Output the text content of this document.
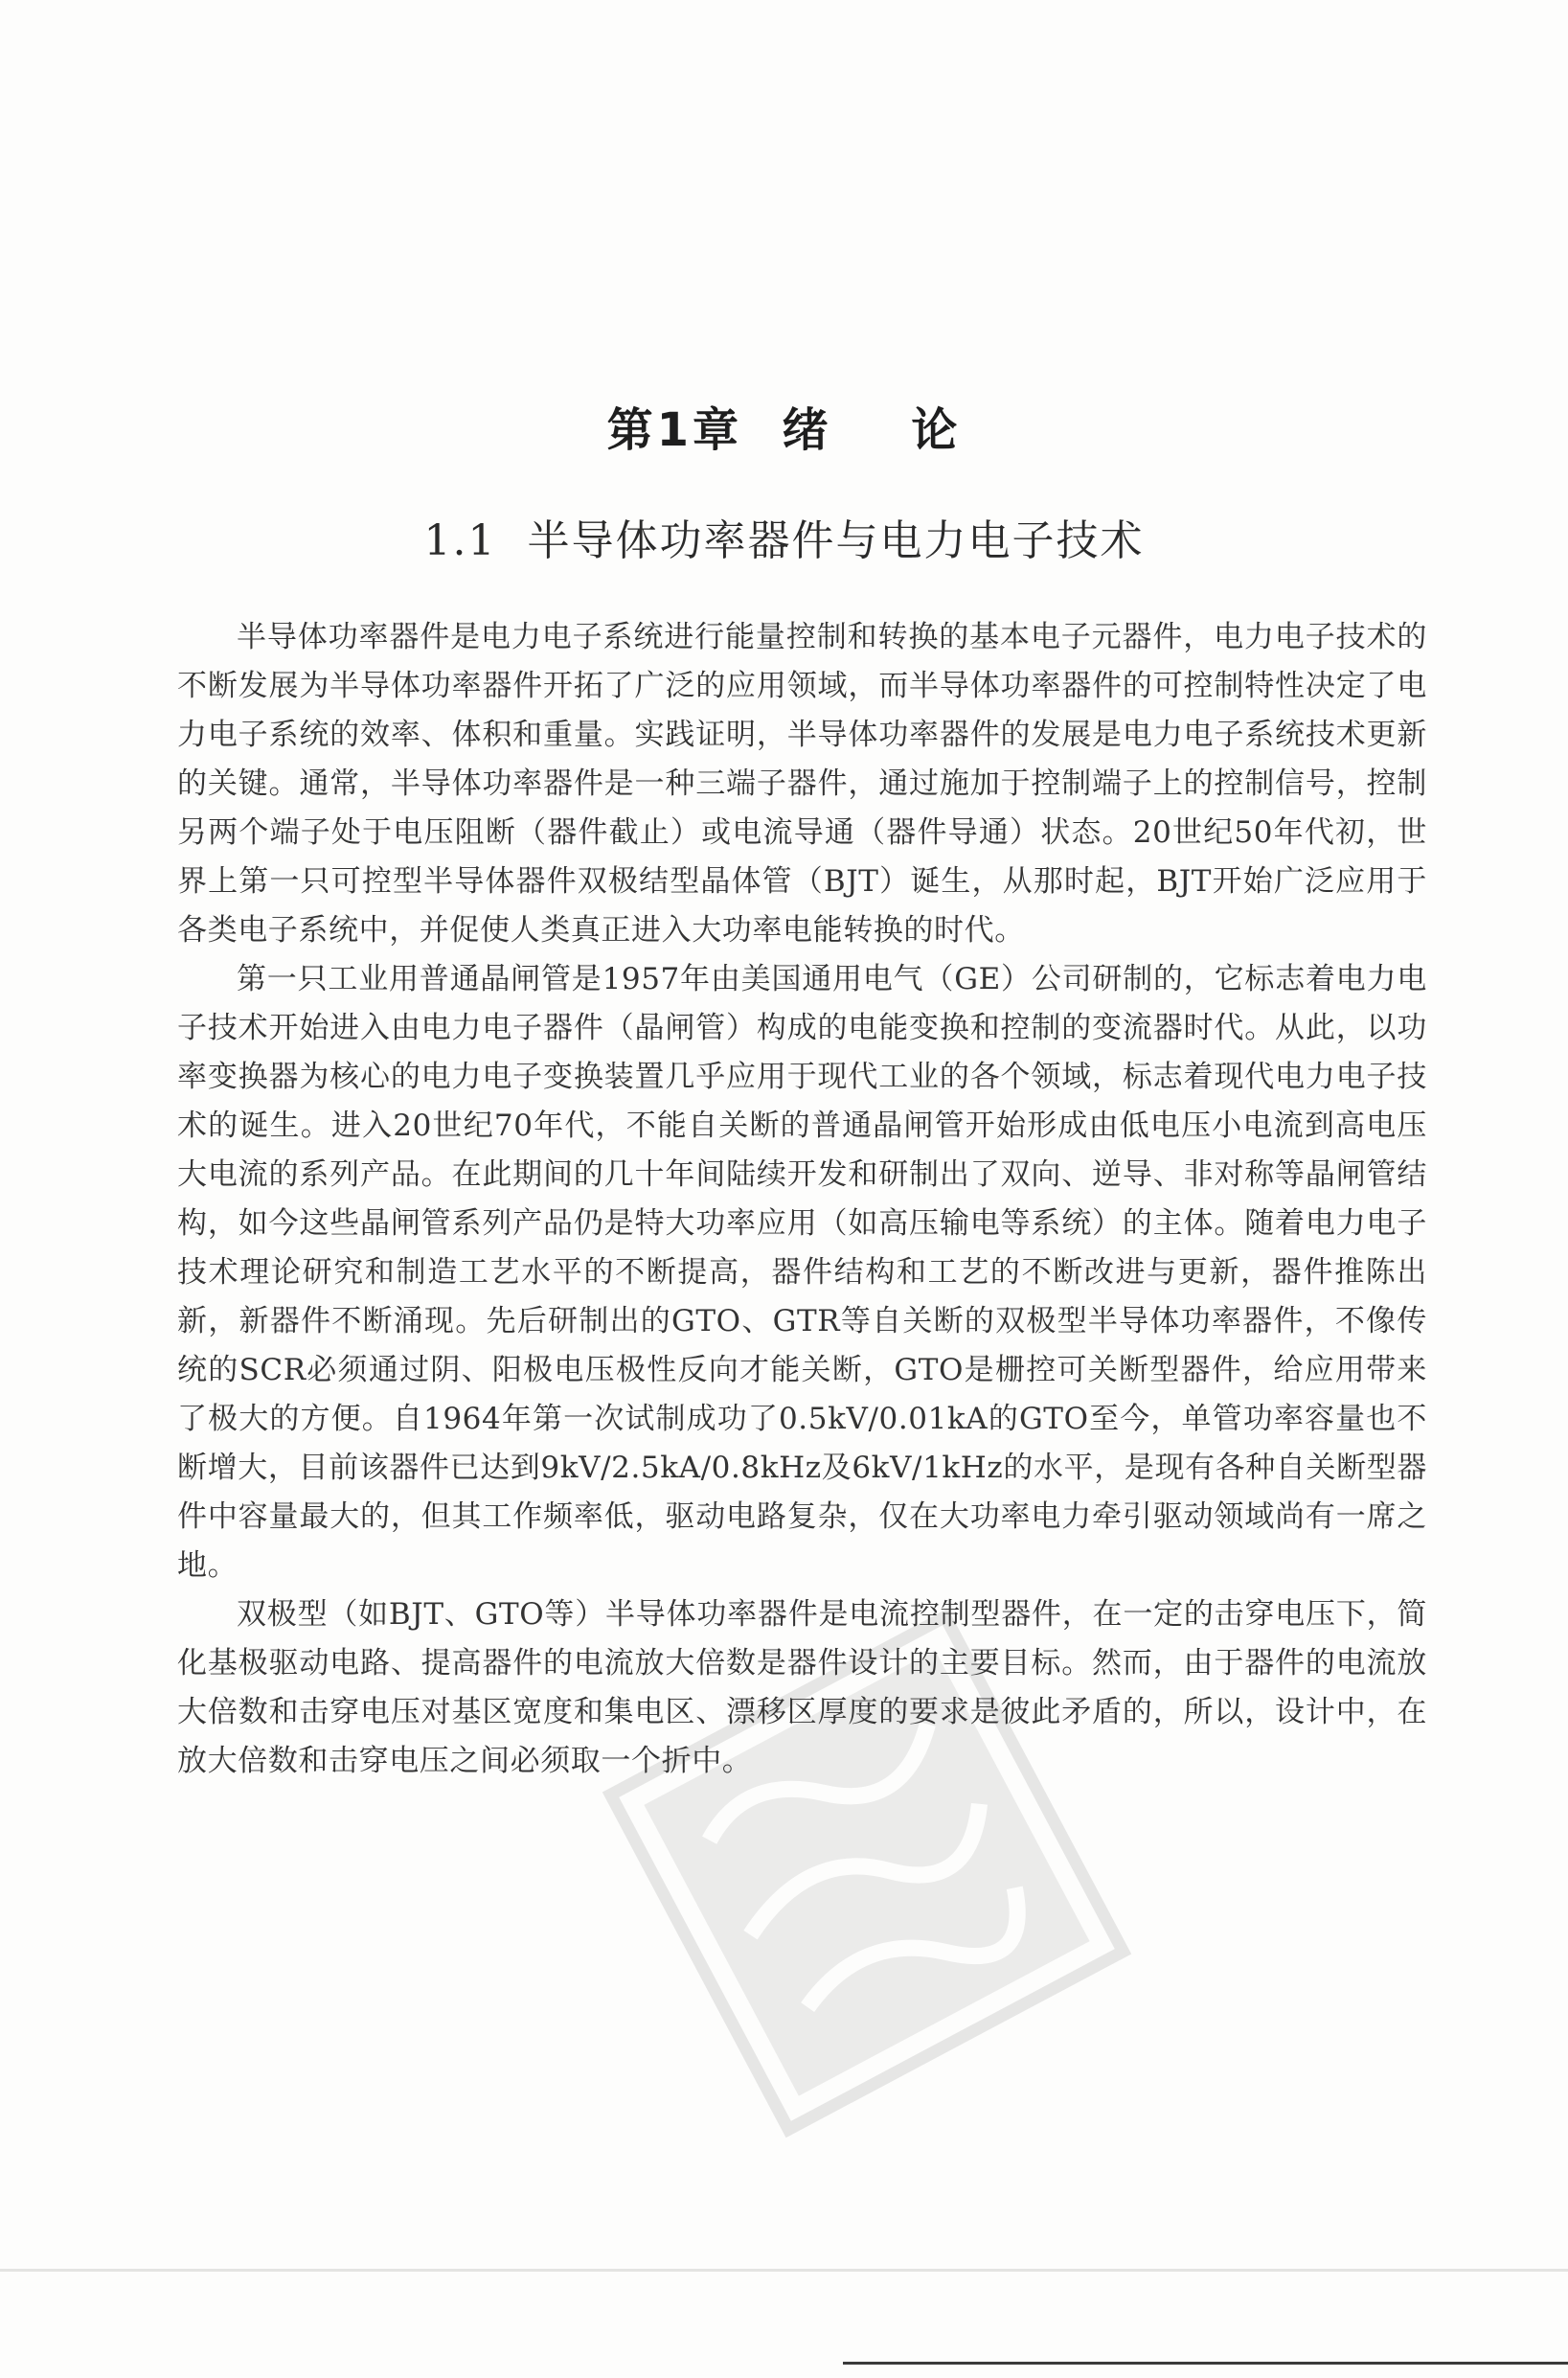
第1章  绪    论
1.1  半导体功率器件与电力电子技术

半导体功率器件是电力电子系统进行能量控制和转换的基本电子元器件，电力电子技术的不断发展为半导体功率器件开拓了广泛的应用领域，而半导体功率器件的可控制特性决定了电力电子系统的效率、体积和重量。实践证明，半导体功率器件的发展是电力电子系统技术更新的关键。通常，半导体功率器件是一种三端子器件，通过施加于控制端子上的控制信号，控制另两个端子处于电压阻断（器件截止）或电流导通（器件导通）状态。20世纪50年代初，世界上第一只可控型半导体器件双极结型晶体管（BJT）诞生，从那时起，BJT开始广泛应用于各类电子系统中，并促使人类真正进入大功率电能转换的时代。

第一只工业用普通晶闸管是1957年由美国通用电气（GE）公司研制的，它标志着电力电子技术开始进入由电力电子器件（晶闸管）构成的电能变换和控制的变流器时代。从此，以功率变换器为核心的电力电子变换装置几乎应用于现代工业的各个领域，标志着现代电力电子技术的诞生。进入20世纪70年代，不能自关断的普通晶闸管开始形成由低电压小电流到高电压大电流的系列产品。在此期间的几十年间陆续开发和研制出了双向、逆导、非对称等晶闸管结构，如今这些晶闸管系列产品仍是特大功率应用（如高压输电等系统）的主体。随着电力电子技术理论研究和制造工艺水平的不断提高，器件结构和工艺的不断改进与更新，器件推陈出新，新器件不断涌现。先后研制出的GTO、GTR等自关断的双极型半导体功率器件，不像传统的SCR必须通过阴、阳极电压极性反向才能关断，GTO是栅控可关断型器件，给应用带来了极大的方便。自1964年第一次试制成功了0.5kV/0.01kA的GTO至今，单管功率容量也不断增大，目前该器件已达到9kV/2.5kA/0.8kHz及6kV/1kHz的水平，是现有各种自关断型器件中容量最大的，但其工作频率低，驱动电路复杂，仅在大功率电力牵引驱动领域尚有一席之地。

双极型（如BJT、GTO等）半导体功率器件是电流控制型器件，在一定的击穿电压下，简化基极驱动电路、提高器件的电流放大倍数是器件设计的主要目标。然而，由于器件的电流放大倍数和击穿电压对基区宽度和集电区、漂移区厚度的要求是彼此矛盾的，所以，设计中，在放大倍数和击穿电压之间必须取一个折中。
